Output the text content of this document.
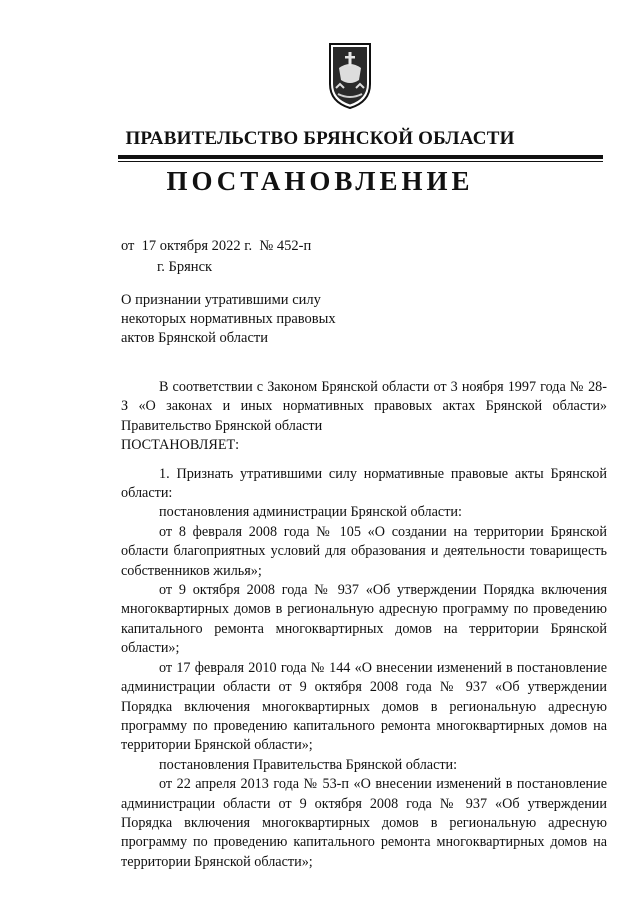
ПРАВИТЕЛЬСТВО БРЯНСКОЙ ОБЛАСТИ
ПОСТАНОВЛЕНИЕ
от  17 октября 2022 г.  № 452-п
г. Брянск

О признании утратившими силу некоторых нормативных правовых актов Брянской области

В соответствии с Законом Брянской области от 3 ноября 1997 года № 28-З «О законах и иных нормативных правовых актах Брянской области» Правительство Брянской области

ПОСТАНОВЛЯЕТ:

1. Признать утратившими силу нормативные правовые акты Брянской области:

постановления администрации Брянской области:

от 8 февраля 2008 года № 105 «О создании на территории Брянской области благоприятных условий для образования и деятельности товарищесть собственников жилья»;

от 9 октября 2008 года № 937 «Об утверждении Порядка включения многоквартирных домов в региональную адресную программу по проведению капитального ремонта многоквартирных домов на территории Брянской области»;

от 17 февраля 2010 года № 144 «О внесении изменений в постановление администрации области от 9 октября 2008 года № 937 «Об утверждении Порядка включения многоквартирных домов в региональную адресную программу по проведению капитального ремонта многоквартирных домов на территории Брянской области»;

постановления Правительства Брянской области:

от 22 апреля 2013 года № 53-п «О внесении изменений в постановление администрации области от 9 октября 2008 года № 937 «Об утверждении Порядка включения многоквартирных домов в региональную адресную программу по проведению капитального ремонта многоквартирных домов на территории Брянской области»;
